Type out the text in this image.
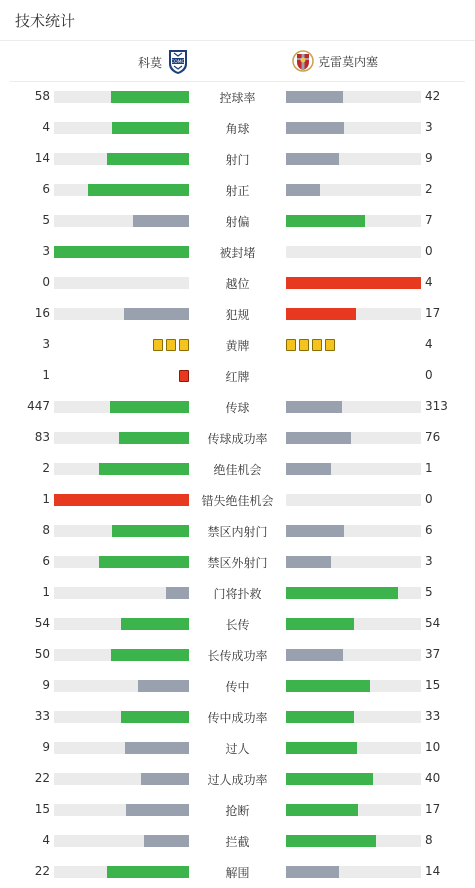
技术统计
科莫 COMO	克雷莫内塞
58	控球率	42
4	角球	3
14	射门	9
6	射正	2
5	射偏	7
3	被封堵	0
0	越位	4
16	犯规	17
3	黄牌	4
1	红牌	0
447	传球	313
83	传球成功率	76
2	绝佳机会	1
1	错失绝佳机会	0
8	禁区内射门	6
6	禁区外射门	3
1	门将扑救	5
54	长传	54
50	长传成功率	37
9	传中	15
33	传中成功率	33
9	过人	10
22	过人成功率	40
15	抢断	17
4	拦截	8
22	解围	14
